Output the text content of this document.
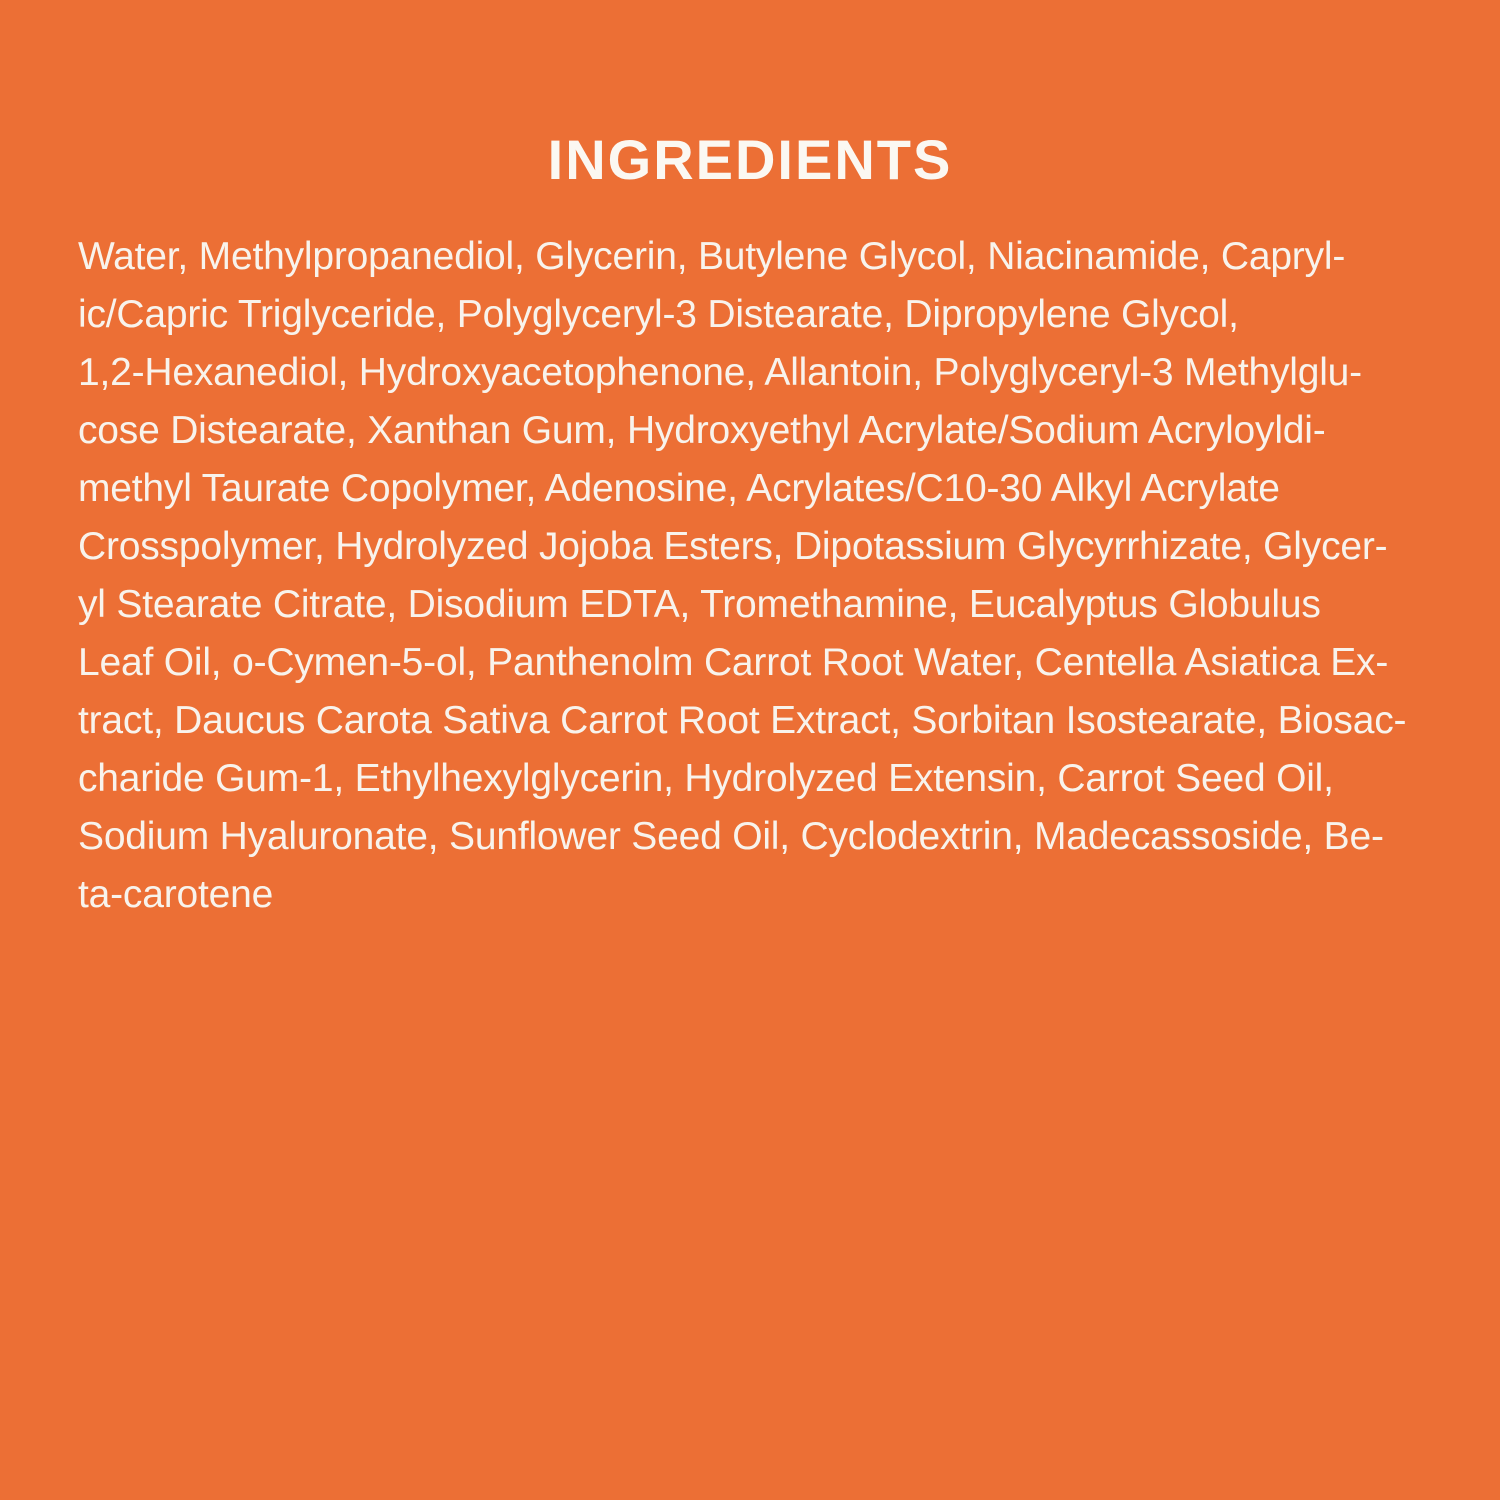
INGREDIENTS
Water, Methylpropanediol, Glycerin, Butylene Glycol, Niacinamide, Capryl-
ic/Capric Triglyceride, Polyglyceryl-3 Distearate, Dipropylene Glycol,
1,2-Hexanediol, Hydroxyacetophenone, Allantoin, Polyglyceryl-3 Methylglu-
cose Distearate, Xanthan Gum, Hydroxyethyl Acrylate/Sodium Acryloyldi-
methyl Taurate Copolymer, Adenosine, Acrylates/C10-30 Alkyl Acrylate
Crosspolymer, Hydrolyzed Jojoba Esters, Dipotassium Glycyrrhizate, Glycer-
yl Stearate Citrate, Disodium EDTA, Tromethamine, Eucalyptus Globulus
Leaf Oil, o-Cymen-5-ol, Panthenolm Carrot Root Water, Centella Asiatica Ex-
tract, Daucus Carota Sativa Carrot Root Extract, Sorbitan Isostearate, Biosac-
charide Gum-1, Ethylhexylglycerin, Hydrolyzed Extensin, Carrot Seed Oil,
Sodium Hyaluronate, Sunflower Seed Oil, Cyclodextrin, Madecassoside, Be-
ta-carotene
